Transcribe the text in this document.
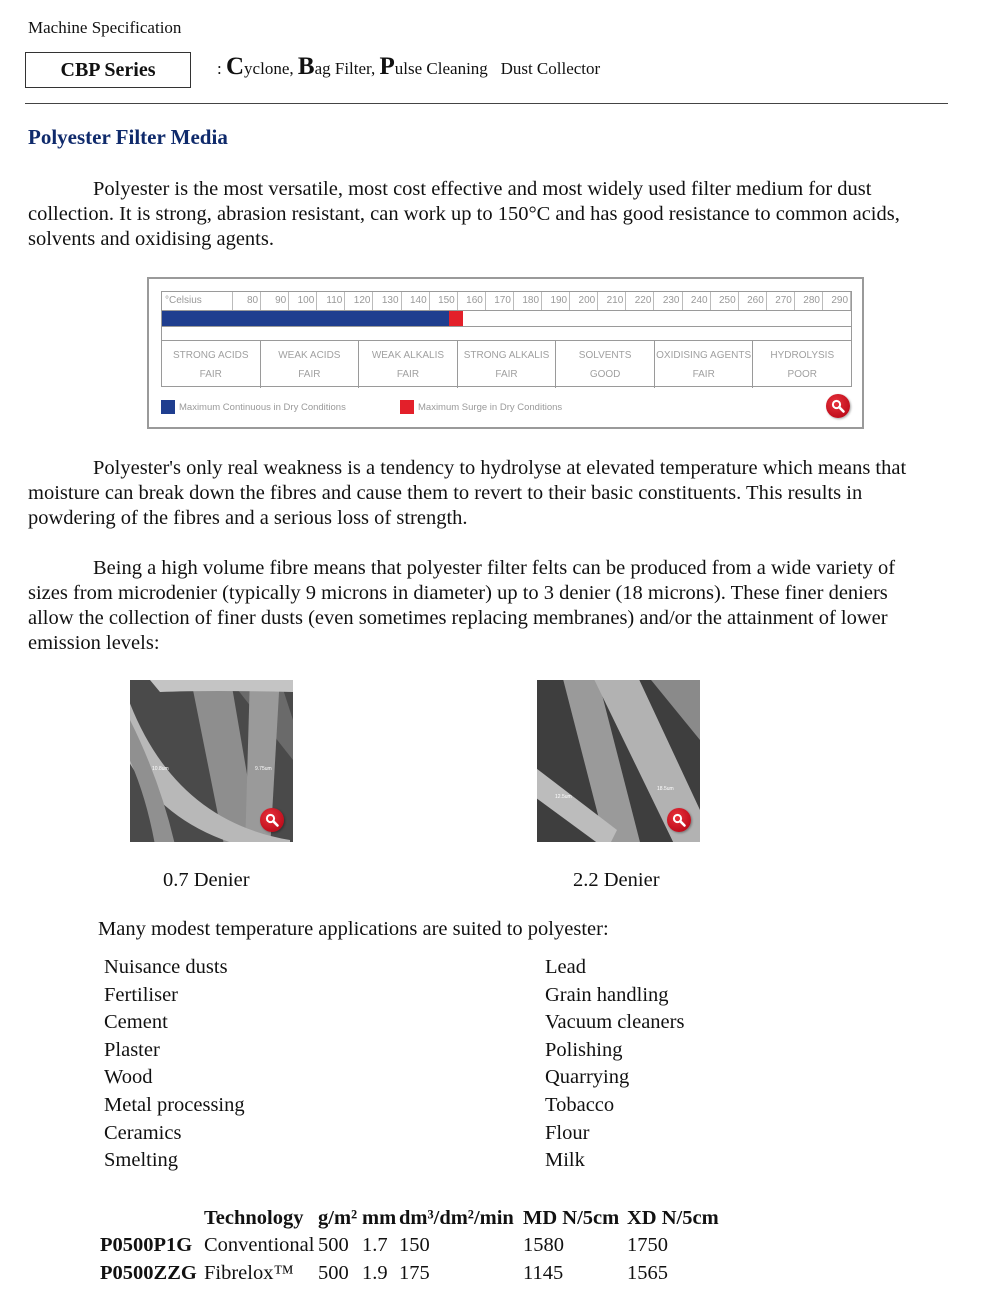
Machine Specification
CBP Series	: Cyclone, Bag Filter, Pulse Cleaning Dust Collector
Polyester Filter Media
Polyester is the most versatile, most cost effective and most widely used filter medium for dust collection. It is strong, abrasion resistant, can work up to 150°C and has good resistance to common acids, solvents and oxidising agents.
°Celsius	80	90	100	110	120	130	140	150	160	170	180	190	200	210	220	230	240	250	260	270	280	290
STRONG ACIDS
FAIR
WEAK ACIDS
FAIR
WEAK ALKALIS
FAIR
STRONG ALKALIS
FAIR
SOLVENTS
GOOD
OXIDISING AGENTS
FAIR
HYDROLYSIS
POOR
Maximum Continuous in Dry Conditions	Maximum Surge in Dry Conditions
Polyester's only real weakness is a tendency to hydrolyse at elevated temperature which means that moisture can break down the fibres and cause them to revert to their basic constituents. This results in powdering of the fibres and a serious loss of strength.
Being a high volume fibre means that polyester filter felts can be produced from a wide variety of sizes from microdenier (typically 9 microns in diameter) up to 3 denier (18 microns). These finer deniers allow the collection of finer dusts (even sometimes replacing membranes) and/or the attainment of lower emission levels:
10.8um	9.75um
12.5um
18.5um
0.7 Denier	2.2 Denier
Many modest temperature applications are suited to polyester:
Nuisance dusts
Fertiliser
Cement
Plaster
Wood
Metal processing
Ceramics
Smelting
Lead
Grain handling
Vacuum cleaners
Polishing
Quarrying
Tobacco
Flour
Milk
	Technology	g/m²	mm	dm³/dm²/min	MD N/5cm	XD N/5cm
P0500P1G	Conventional	500	1.7	150	1580	1750
P0500ZZG	Fibrelox™	500	1.9	175	1145	1565
